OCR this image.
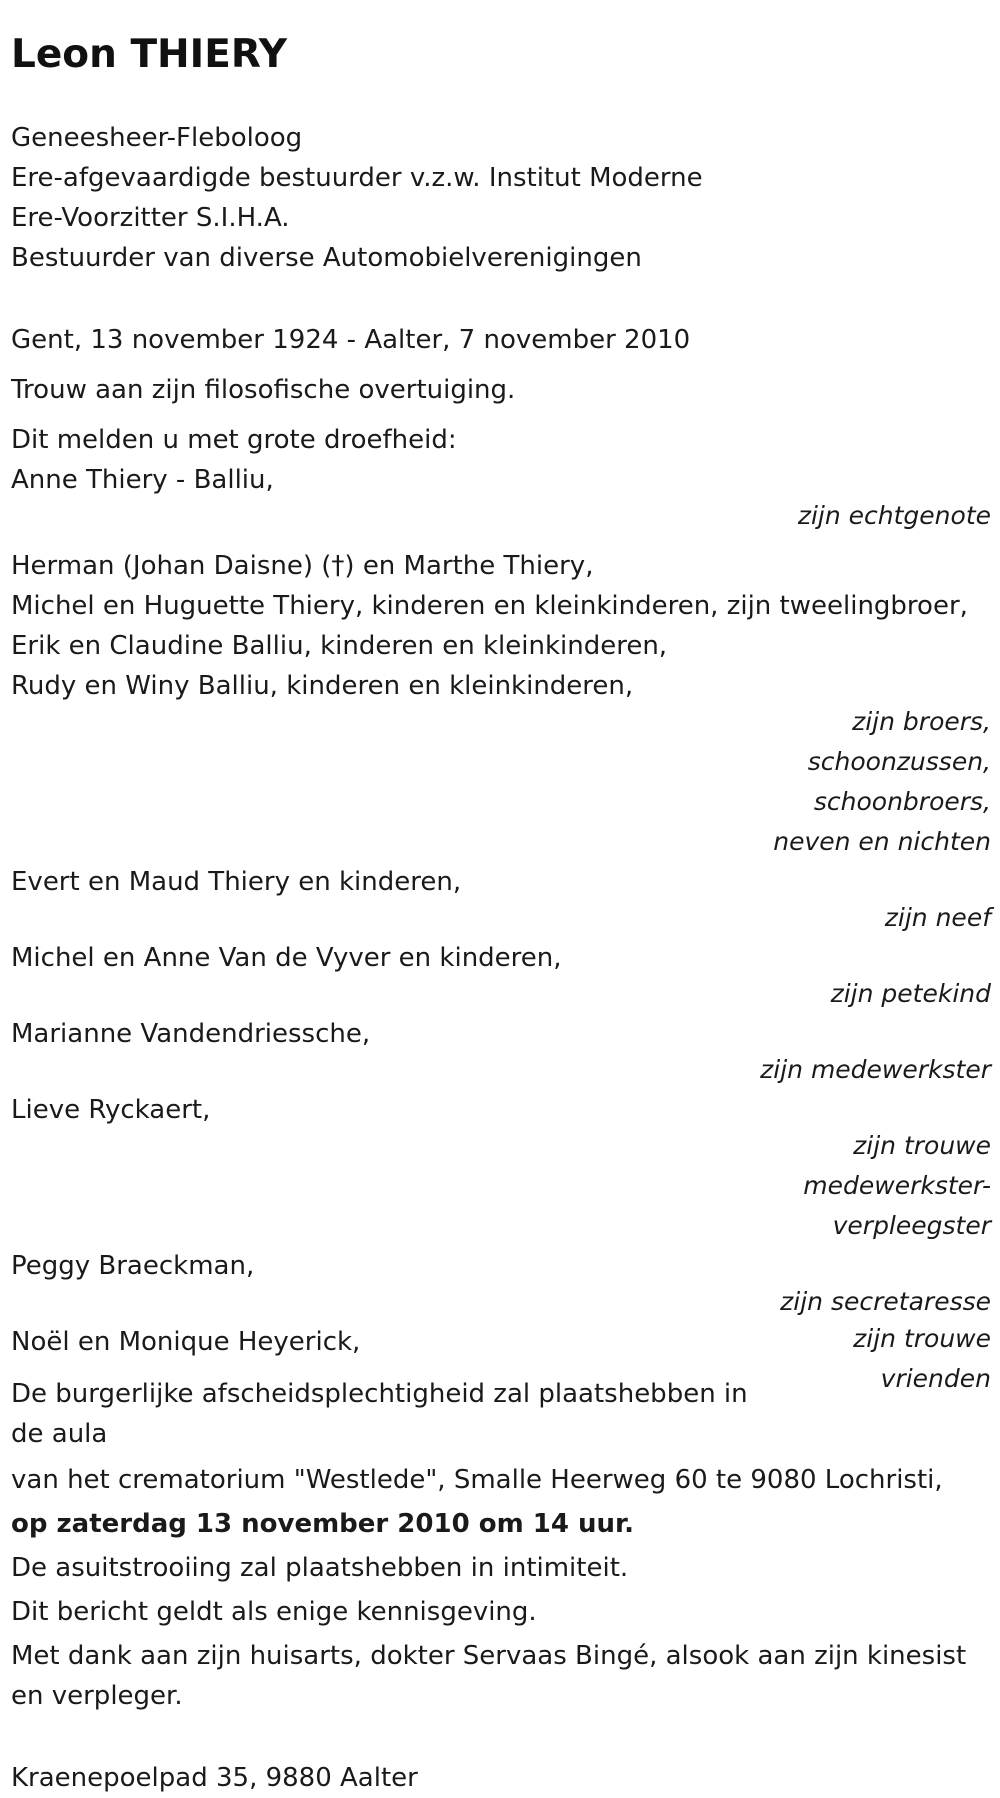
Leon THIERY
Geneesheer-Fleboloog
Ere-afgevaardigde bestuurder v.z.w. Institut Moderne
Ere-Voorzitter S.I.H.A.
Bestuurder van diverse Automobielverenigingen
Gent, 13 november 1924 - Aalter, 7 november 2010
Trouw aan zijn filosofische overtuiging.
Dit melden u met grote droefheid:
Anne Thiery - Balliu,
zijn echtgenote
Herman (Johan Daisne) (†) en Marthe Thiery,
Michel en Huguette Thiery, kinderen en kleinkinderen, zijn tweelingbroer,
Erik en Claudine Balliu, kinderen en kleinkinderen,
Rudy en Winy Balliu, kinderen en kleinkinderen,
zijn broers,
schoonzussen,
schoonbroers,
neven en nichten
Evert en Maud Thiery en kinderen,
zijn neef
Michel en Anne Van de Vyver en kinderen,
zijn petekind
Marianne Vandendriessche,
zijn medewerkster
Lieve Ryckaert,
zijn trouwe
medewerkster-
verpleegster
Peggy Braeckman,
zijn secretaresse
Noël en Monique Heyerick,	zijn trouwe
vrienden
De burgerlijke afscheidsplechtigheid zal plaatshebben in de aula
van het crematorium "Westlede", Smalle Heerweg 60 te 9080 Lochristi,
op zaterdag 13 november 2010 om 14 uur.
De asuitstrooiing zal plaatshebben in intimiteit.
Dit bericht geldt als enige kennisgeving.
Met dank aan zijn huisarts, dokter Servaas Bingé, alsook aan zijn kinesist en verpleger.
Kraenepoelpad 35, 9880 Aalter
